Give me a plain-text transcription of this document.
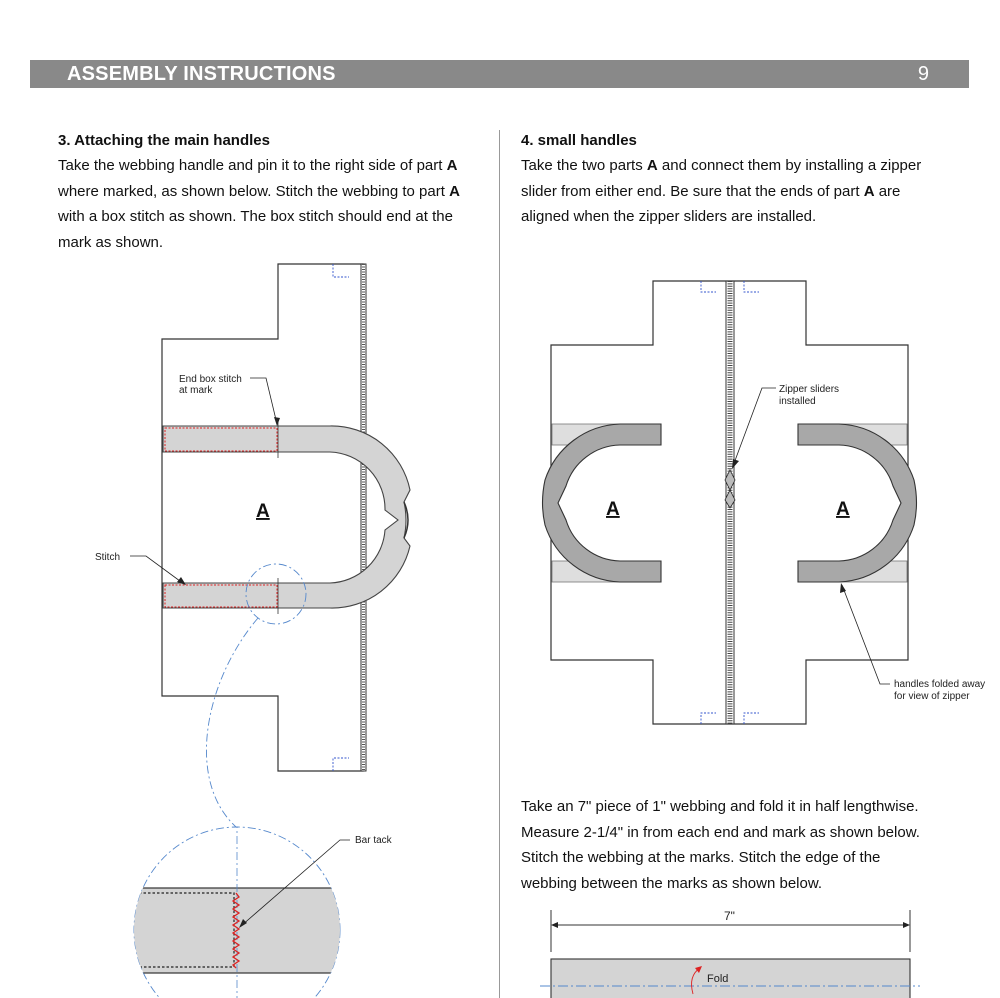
ASSEMBLY INSTRUCTIONS	9

3. Attaching the main handles

Take the webbing handle and pin it to the right side of part A
where marked, as shown below. Stitch the webbing to part A
with a box stitch as shown. The box stitch should end at the
mark as shown.

4. small handles

Take the two parts A and connect them by installing a zipper
slider from either end. Be sure that the ends of part A are
aligned when the zipper sliders are installed.

Take an 7" piece of 1" webbing and fold it in half lengthwise.
Measure 2-1/4" in from each end and mark as shown below.
Stitch the webbing at the marks. Stitch the edge of the
webbing between the marks as shown below.

A
End box stitch
at mark
Stitch
Bar tack
A	A
Zipper sliders
installed
handles folded away
for view of zipper
7"
Fold
